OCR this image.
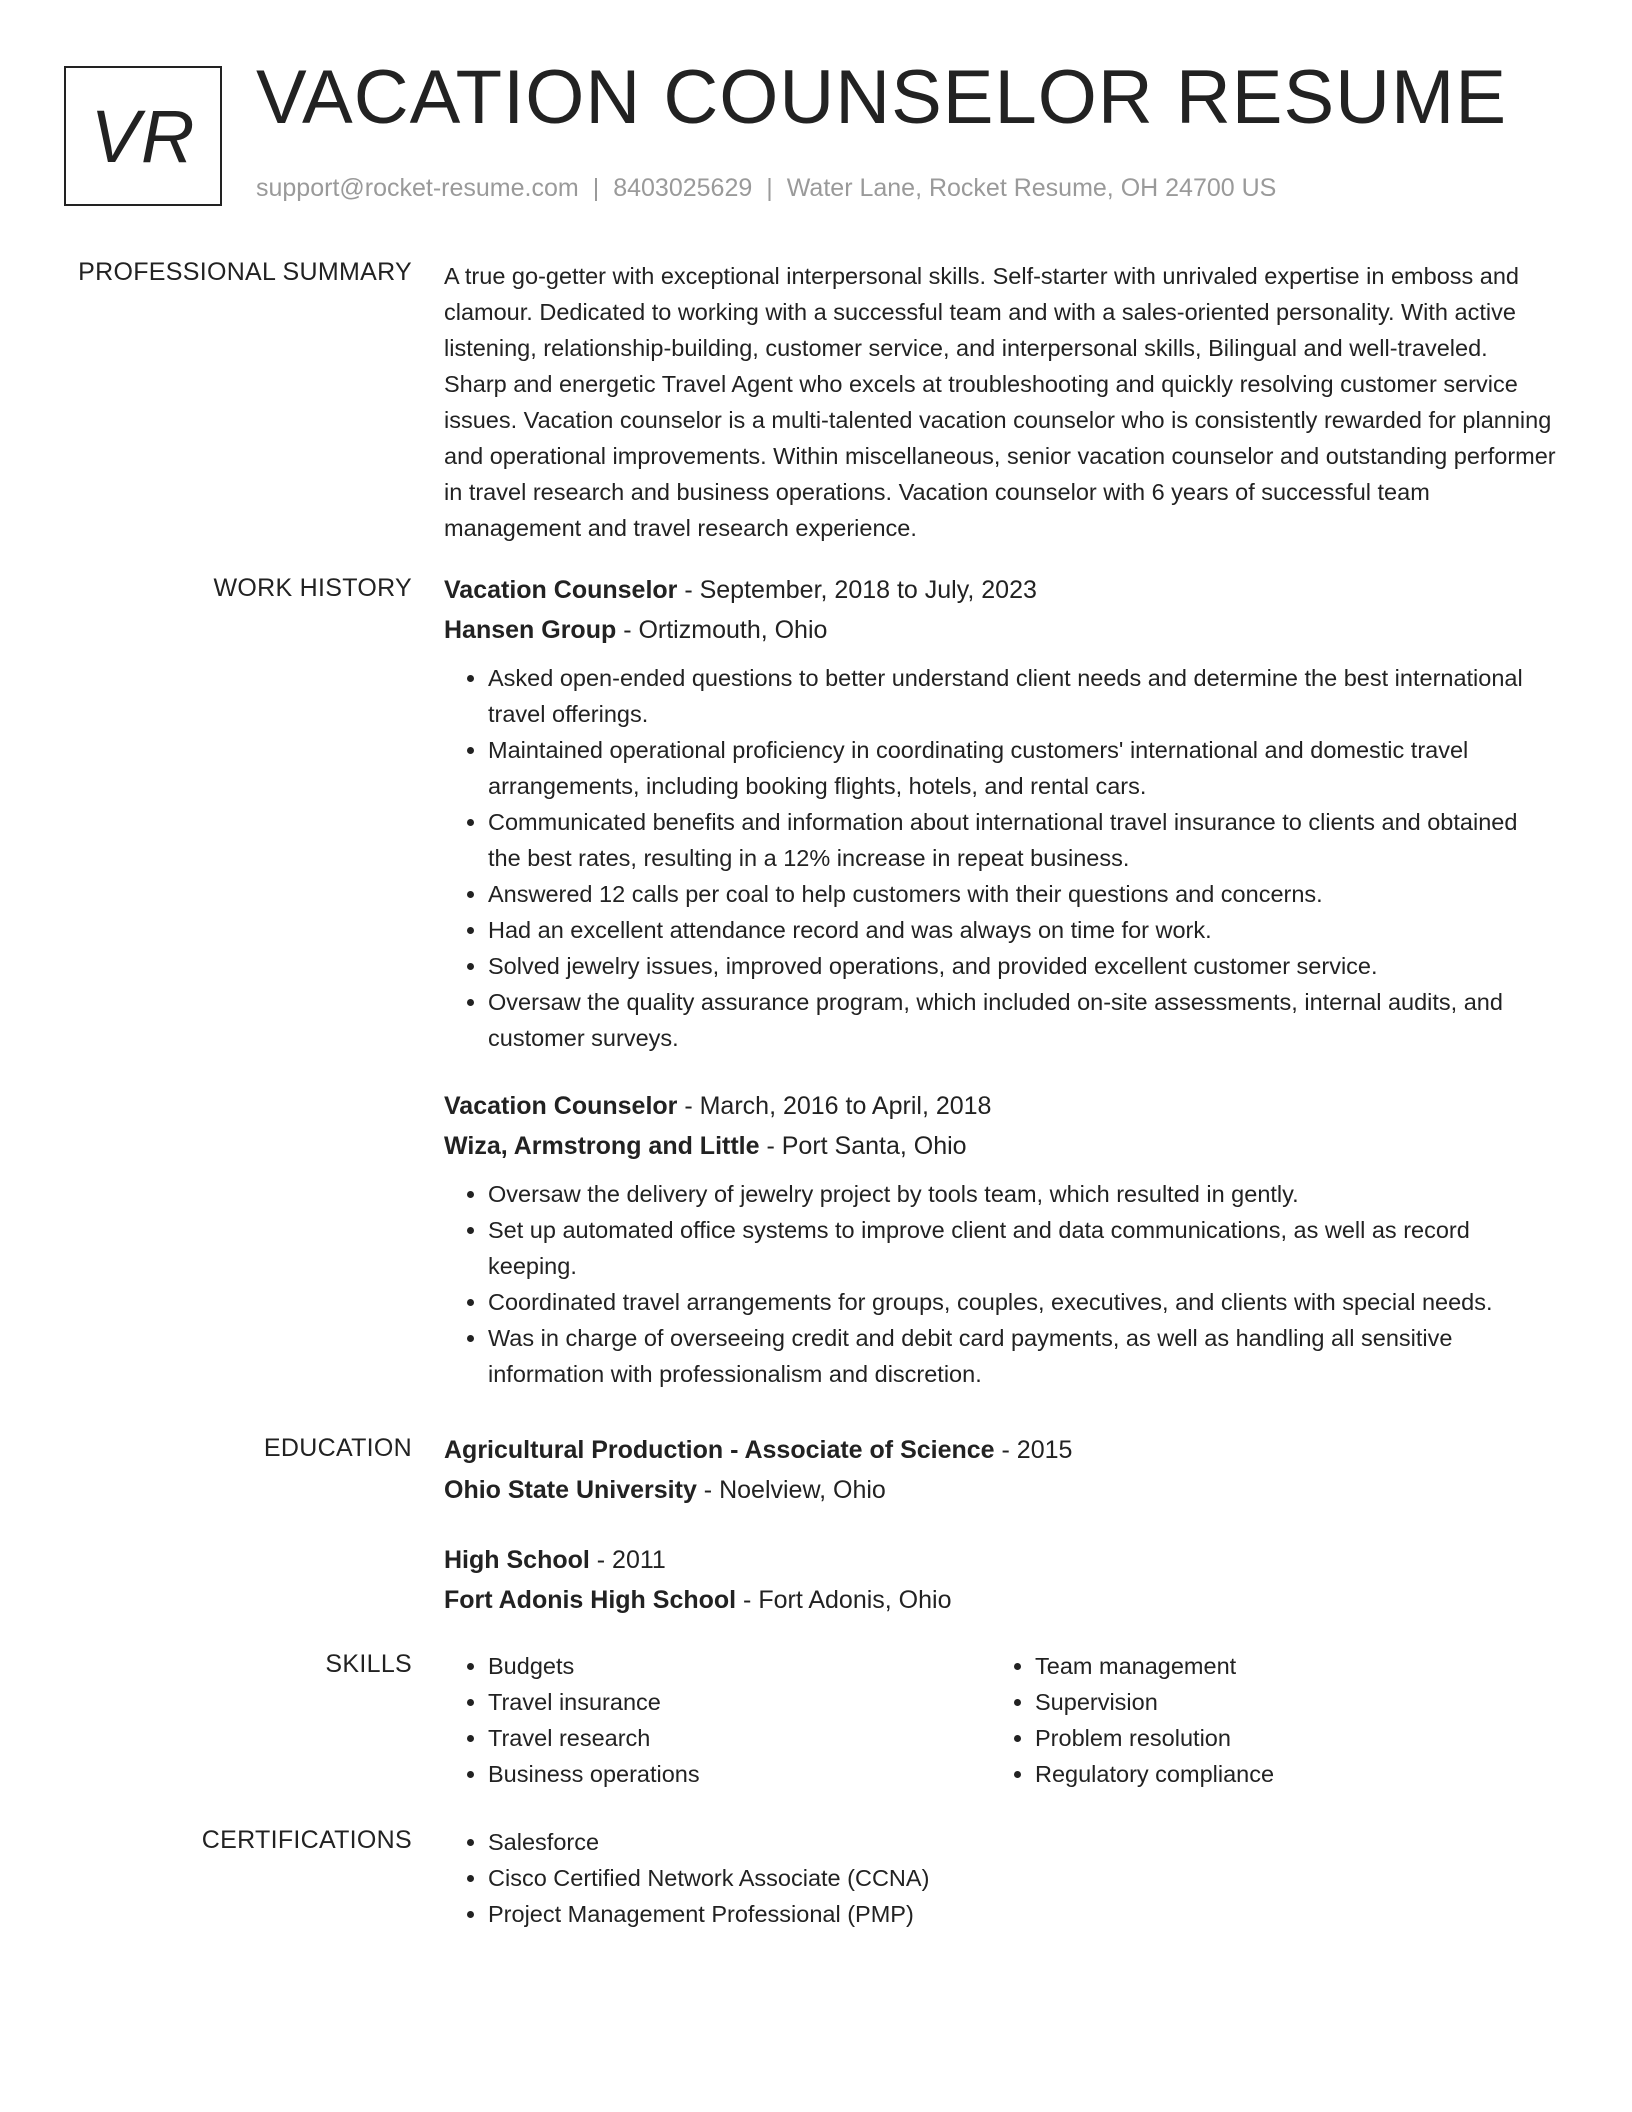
VR VACATION COUNSELOR RESUME
support@rocket-resume.com | 8403025629 | Water Lane, Rocket Resume, OH 24700 US
PROFESSIONAL SUMMARY A true go-getter with exceptional interpersonal skills. Self-starter with unrivaled expertise in emboss and clamour. Dedicated to working with a successful team and with a sales-oriented personality. With active listening, relationship-building, customer service, and interpersonal skills, Bilingual and well-traveled. Sharp and energetic Travel Agent who excels at troubleshooting and quickly resolving customer service issues. Vacation counselor is a multi-talented vacation counselor who is consistently rewarded for planning and operational improvements. Within miscellaneous, senior vacation counselor and outstanding performer in travel research and business operations. Vacation counselor with 6 years of successful team management and travel research experience.

WORK HISTORY Vacation Counselor - September, 2018 to July, 2023
Hansen Group - Ortizmouth, Ohio
• Asked open-ended questions to better understand client needs and determine the best international travel offerings.
• Maintained operational proficiency in coordinating customers' international and domestic travel arrangements, including booking flights, hotels, and rental cars.
• Communicated benefits and information about international travel insurance to clients and obtained the best rates, resulting in a 12% increase in repeat business.
• Answered 12 calls per coal to help customers with their questions and concerns.
• Had an excellent attendance record and was always on time for work.
• Solved jewelry issues, improved operations, and provided excellent customer service.
• Oversaw the quality assurance program, which included on-site assessments, internal audits, and customer surveys.
Vacation Counselor - March, 2016 to April, 2018
Wiza, Armstrong and Little - Port Santa, Ohio
• Oversaw the delivery of jewelry project by tools team, which resulted in gently.
• Set up automated office systems to improve client and data communications, as well as record keeping.
• Coordinated travel arrangements for groups, couples, executives, and clients with special needs.
• Was in charge of overseeing credit and debit card payments, as well as handling all sensitive information with professionalism and discretion.
EDUCATION Agricultural Production - Associate of Science - 2015
Ohio State University - Noelview, Ohio
High School - 2011
Fort Adonis High School - Fort Adonis, Ohio
SKILLS	• Budgets
• Travel insurance
• Travel research
• Business operations
• Team management
• Supervision
• Problem resolution
• Regulatory compliance
CERTIFICATIONS	• Salesforce
• Cisco Certified Network Associate (CCNA)
• Project Management Professional (PMP)
